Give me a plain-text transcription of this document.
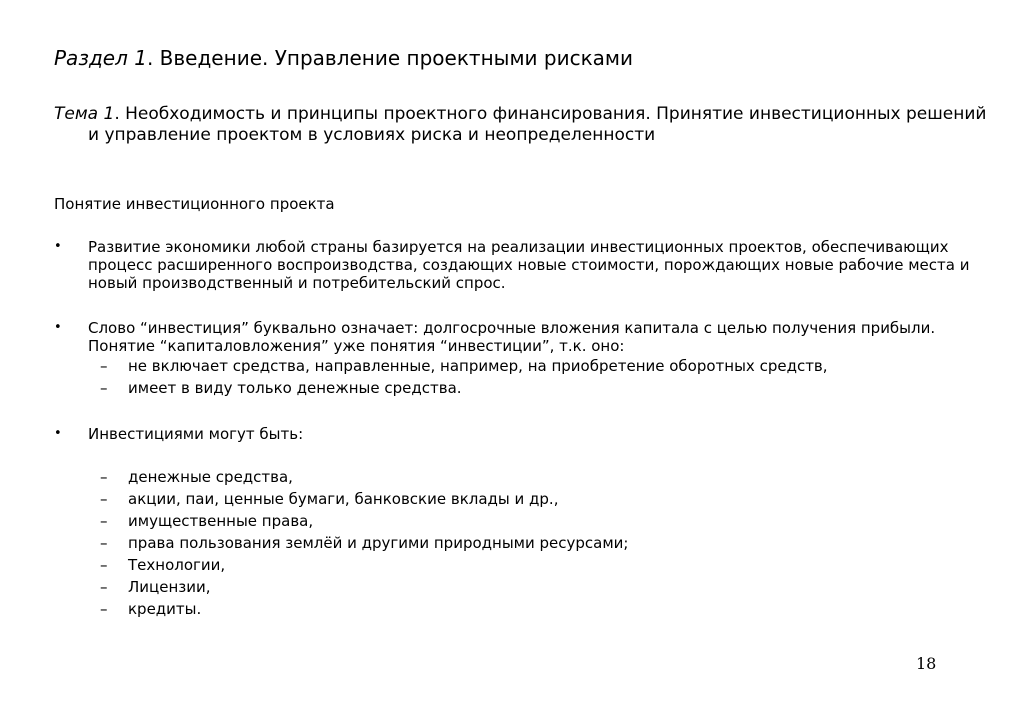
Раздел 1. Введение. Управление проектными рисками
Тема 1. Необходимость и принципы проектного финансирования. Принятие инвестиционных решений и управление проектом в условиях риска и неопределенности
Понятие инвестиционного проекта
•	Развитие экономики любой страны базируется на реализации инвестиционных проектов, обеспечивающих процесс расширенного воспроизводства, создающих новые стоимости, порождающих новые рабочие места и новый производственный и потребительский спрос.
•	Слово “инвестиция” буквально означает: долгосрочные вложения капитала с целью получения прибыли. Понятие “капиталовложения” уже понятия “инвестиции”, т.к. оно:
– не включает средства, направленные, например, на приобретение оборотных средств,
– имеет в виду только денежные средства.
•	Инвестициями могут быть:
– денежные средства,
– акции, паи, ценные бумаги, банковские вклады и др.,
– имущественные права,
– права пользования землёй и другими природными ресурсами;
– Технологии,
– Лицензии,
– кредиты.
18
